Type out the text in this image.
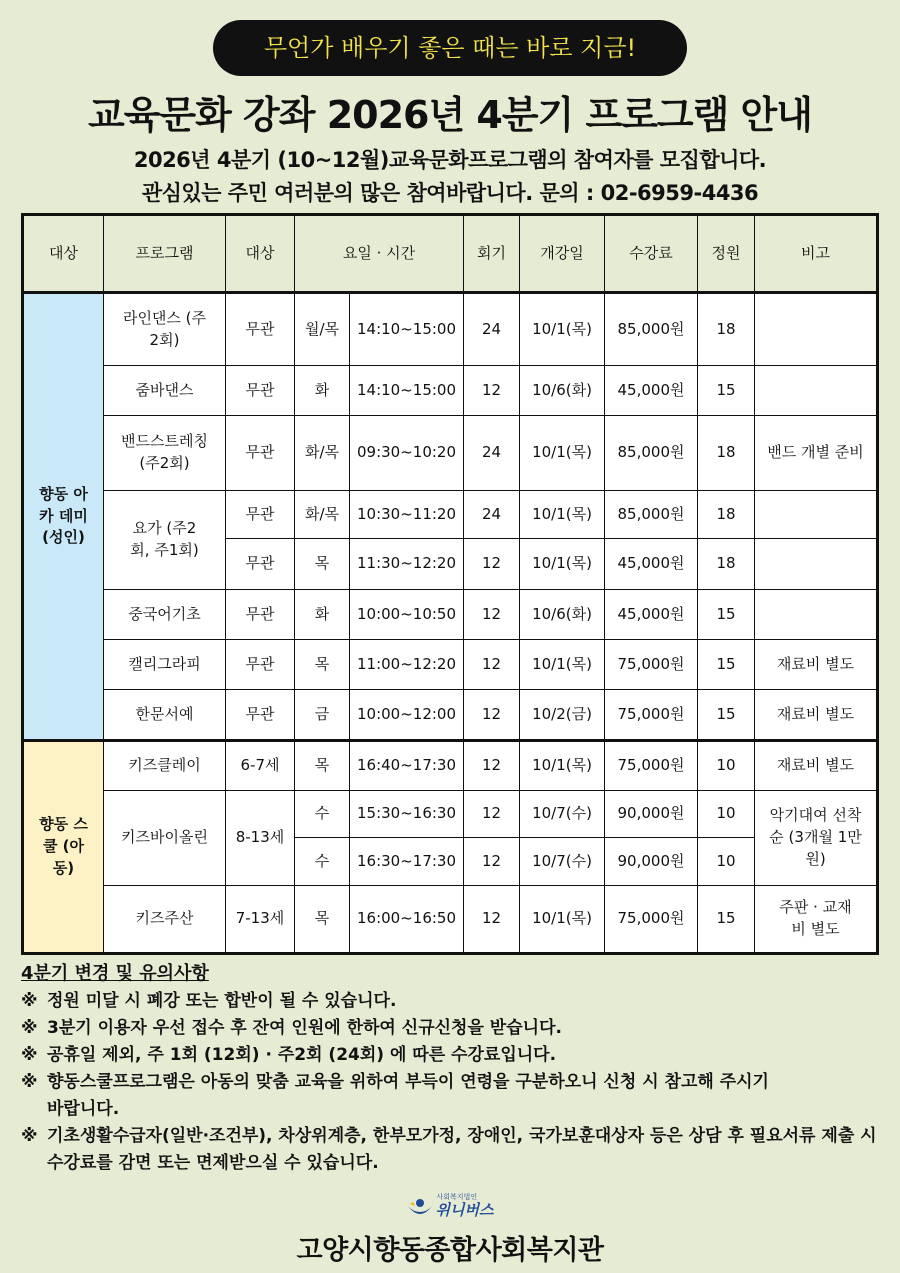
무언가 배우기 좋은 때는 바로 지금!
교육문화 강좌 2026년 4분기 프로그램 안내
2026년 4분기 (10~12월)교육문화프로그램의 참여자를 모집합니다.
관심있는 주민 여러분의 많은 참여바랍니다. 문의 : 02-6959-4436
대상	프로그램	대상	요일 · 시간		회기	개강일	수강료	정원	비고
향동 아카 데미 (성인)	라인댄스 (주2회)	무관	월/목	14:10~15:00	24	10/1(목)	85,000원	18	
	줌바댄스	무관	화	14:10~15:00	12	10/6(화)	45,000원	15	
	밴드스트레칭 (주2회)	무관	화/목	09:30~10:20	24	10/1(목)	85,000원	18	밴드 개별 준비
	요가 (주2회, 주1회)	무관	화/목	10:30~11:20	24	10/1(목)	85,000원	18	
		무관	목	11:30~12:20	12	10/1(목)	45,000원	18	
	중국어기초	무관	화	10:00~10:50	12	10/6(화)	45,000원	15	
	캘리그라피	무관	목	11:00~12:20	12	10/1(목)	75,000원	15	재료비 별도
	한문서예	무관	금	10:00~12:00	12	10/2(금)	75,000원	15	재료비 별도
향동 스쿨 (아동)	키즈클레이	6-7세	목	16:40~17:30	12	10/1(목)	75,000원	10	재료비 별도
	키즈바이올린	8-13세	수	15:30~16:30	12	10/7(수)	90,000원	10	악기대여 선착순 (3개월 1만원)
			수	16:30~17:30	12	10/7(수)	90,000원	10	
	키즈주산	7-13세	목	16:00~16:50	12	10/1(목)	75,000원	15	주판 · 교재비 별도
4분기 변경 및 유의사항
※ 정원 미달 시 폐강 또는 합반이 될 수 있습니다.
※ 3분기 이용자 우선 접수 후 잔여 인원에 한하여 신규신청을 받습니다.
※ 공휴일 제외, 주 1회 (12회) · 주2회 (24회) 에 따른 수강료입니다.
※ 향동스쿨프로그램은 아동의 맞춤 교육을 위하여 부득이 연령을 구분하오니 신청 시 참고해 주시기 바랍니다.
※ 기초생활수급자(일반·조건부), 차상위계층, 한부모가정, 장애인, 국가보훈대상자 등은 상담 후 필요서류 제출 시 수강료를 감면 또는 면제받으실 수 있습니다.
위니버스
사회복지법인
고양시향동종합사회복지관
